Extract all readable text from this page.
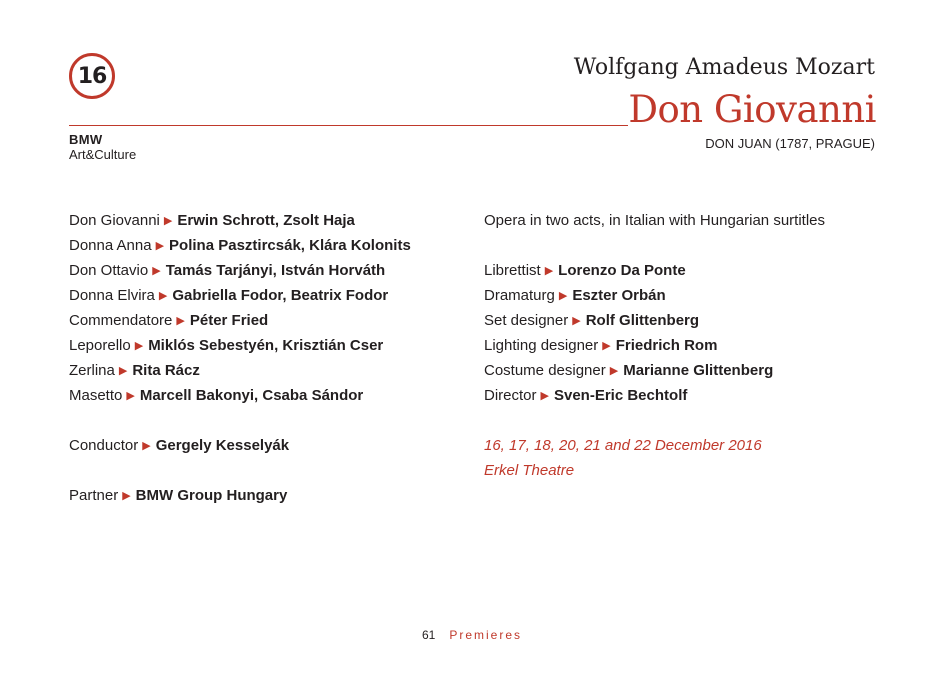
16
BMW
Art&Culture
Wolfgang Amadeus Mozart
Don Giovanni
DON JUAN (1787, PRAGUE)
Don Giovanni ▶ Erwin Schrott, Zsolt Haja
Donna Anna ▶ Polina Pasztircsák, Klára Kolonits
Don Ottavio ▶ Tamás Tarjányi, István Horváth
Donna Elvira ▶ Gabriella Fodor, Beatrix Fodor
Commendatore ▶ Péter Fried
Leporello ▶ Miklós Sebestyén, Krisztián Cser
Zerlina ▶ Rita Rácz
Masetto ▶ Marcell Bakonyi, Csaba Sándor
Conductor ▶ Gergely Kesselyák
Partner ▶ BMW Group Hungary
Opera in two acts, in Italian with Hungarian surtitles
Librettist ▶ Lorenzo Da Ponte
Dramaturg ▶ Eszter Orbán
Set designer ▶ Rolf Glittenberg
Lighting designer ▶ Friedrich Rom
Costume designer ▶ Marianne Glittenberg
Director ▶ Sven-Eric Bechtolf
16, 17, 18, 20, 21 and 22 December 2016
Erkel Theatre
61 Premieres
